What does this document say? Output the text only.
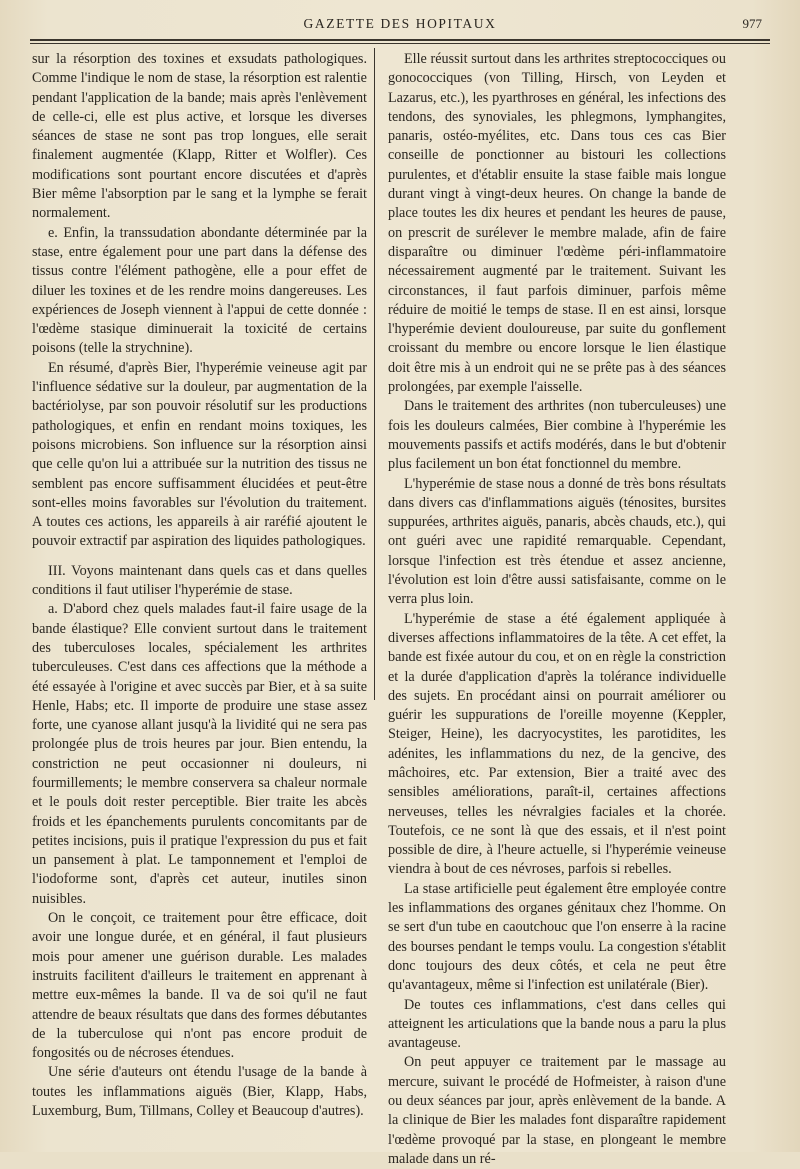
GAZETTE DES HOPITAUX	977

sur la résorption des toxines et exsudats pathologiques. Comme l'indique le nom de stase, la résorption est ralentie pendant l'application de la bande; mais après l'enlèvement de celle-ci, elle est plus active, et lorsque les diverses séances de stase ne sont pas trop longues, elle serait finalement augmentée (Klapp, Ritter et Wolfler). Ces modifications sont pourtant encore discutées et d'après Bier même l'absorption par le sang et la lymphe se ferait normalement.

e. Enfin, la transsudation abondante déterminée par la stase, entre également pour une part dans la défense des tissus contre l'élément pathogène, elle a pour effet de diluer les toxines et de les rendre moins dangereuses. Les expériences de Joseph viennent à l'appui de cette donnée : l'œdème stasique diminuerait la toxicité de certains poisons (telle la strychnine).

En résumé, d'après Bier, l'hyperémie veineuse agit par l'influence sédative sur la douleur, par augmentation de la bactériolyse, par son pouvoir résolutif sur les productions pathologiques, et enfin en rendant moins toxiques, les poisons microbiens. Son influence sur la résorption ainsi que celle qu'on lui a attribuée sur la nutrition des tissus ne semblent pas encore suffisamment élucidées et peut-être sont-elles moins favorables sur l'évolution du traitement. A toutes ces actions, les appareils à air raréfié ajoutent le pouvoir extractif par aspiration des liquides pathologiques.

III. Voyons maintenant dans quels cas et dans quelles conditions il faut utiliser l'hyperémie de stase.

a. D'abord chez quels malades faut-il faire usage de la bande élastique? Elle convient surtout dans le traitement des tuberculoses locales, spécialement les arthrites tuberculeuses. C'est dans ces affections que la méthode a été essayée à l'origine et avec succès par Bier, et à sa suite Henle, Habs; etc. Il importe de produire une stase assez forte, une cyanose allant jusqu'à la lividité qui ne sera pas prolongée plus de trois heures par jour. Bien entendu, la constriction ne peut occasionner ni douleurs, ni fourmillements; le membre conservera sa chaleur normale et le pouls doit rester perceptible. Bier traite les abcès froids et les épanchements purulents concomitants par de petites incisions, puis il pratique l'expression du pus et fait un pansement à plat. Le tamponnement et l'emploi de l'iodoforme sont, d'après cet auteur, inutiles sinon nuisibles.

On le conçoit, ce traitement pour être efficace, doit avoir une longue durée, et en général, il faut plusieurs mois pour amener une guérison durable. Les malades instruits facilitent d'ailleurs le traitement en apprenant à mettre eux-mêmes la bande. Il va de soi qu'il ne faut attendre de beaux résultats que dans des formes débutantes de la tuberculose qui n'ont pas encore produit de fongosités ou de nécroses étendues.

Une série d'auteurs ont étendu l'usage de la bande à toutes les inflammations aiguës (Bier, Klapp, Habs, Luxemburg, Bum, Tillmans, Colley et Beaucoup d'autres).

Elle réussit surtout dans les arthrites streptococciques ou gonococciques (von Tilling, Hirsch, von Leyden et Lazarus, etc.), les pyarthroses en général, les infections des tendons, des synoviales, les phlegmons, lymphangites, panaris, ostéo-myélites, etc. Dans tous ces cas Bier conseille de ponctionner au bistouri les collections purulentes, et d'établir ensuite la stase faible mais longue durant vingt à vingt-deux heures. On change la bande de place toutes les dix heures et pendant les heures de pause, on prescrit de surélever le membre malade, afin de faire disparaître ou diminuer l'œdème péri-inflammatoire nécessairement augmenté par le traitement. Suivant les circonstances, il faut parfois diminuer, parfois même réduire de moitié le temps de stase. Il en est ainsi, lorsque l'hyperémie devient douloureuse, par suite du gonflement croissant du membre ou encore lorsque le lien élastique doit être mis à un endroit qui ne se prête pas à des séances prolongées, par exemple l'aisselle.

Dans le traitement des arthrites (non tuberculeuses) une fois les douleurs calmées, Bier combine à l'hyperémie les mouvements passifs et actifs modérés, dans le but d'obtenir plus facilement un bon état fonctionnel du membre.

L'hyperémie de stase nous a donné de très bons résultats dans divers cas d'inflammations aiguës (ténosites, bursites suppurées, arthrites aiguës, panaris, abcès chauds, etc.), qui ont guéri avec une rapidité remarquable. Cependant, lorsque l'infection est très étendue et assez ancienne, l'évolution est loin d'être aussi satisfaisante, comme on le verra plus loin.

L'hyperémie de stase a été également appliquée à diverses affections inflammatoires de la tête. A cet effet, la bande est fixée autour du cou, et on en règle la constriction et la durée d'application d'après la tolérance individuelle des sujets. En procédant ainsi on pourrait améliorer ou guérir les suppurations de l'oreille moyenne (Keppler, Steiger, Heine), les dacryocystites, les parotidites, les adénites, les inflammations du nez, de la gencive, des mâchoires, etc. Par extension, Bier a traité avec des sensibles améliorations, paraît-il, certaines affections nerveuses, telles les névralgies faciales et la chorée. Toutefois, ce ne sont là que des essais, et il n'est point possible de dire, à l'heure actuelle, si l'hyperémie veineuse viendra à bout de ces névroses, parfois si rebelles.

La stase artificielle peut également être employée contre les inflammations des organes génitaux chez l'homme. On se sert d'un tube en caoutchouc que l'on enserre à la racine des bourses pendant le temps voulu. La congestion s'établit donc toujours des deux côtés, et cela ne peut être qu'avantageux, même si l'infection est unilatérale (Bier).

De toutes ces inflammations, c'est dans celles qui atteignent les articulations que la bande nous a paru la plus avantageuse.

On peut appuyer ce traitement par le massage au mercure, suivant le procédé de Hofmeister, à raison d'une ou deux séances par jour, après enlèvement de la bande. A la clinique de Bier les malades font disparaître rapidement l'œdème provoqué par la stase, en plongeant le membre malade dans un ré-
